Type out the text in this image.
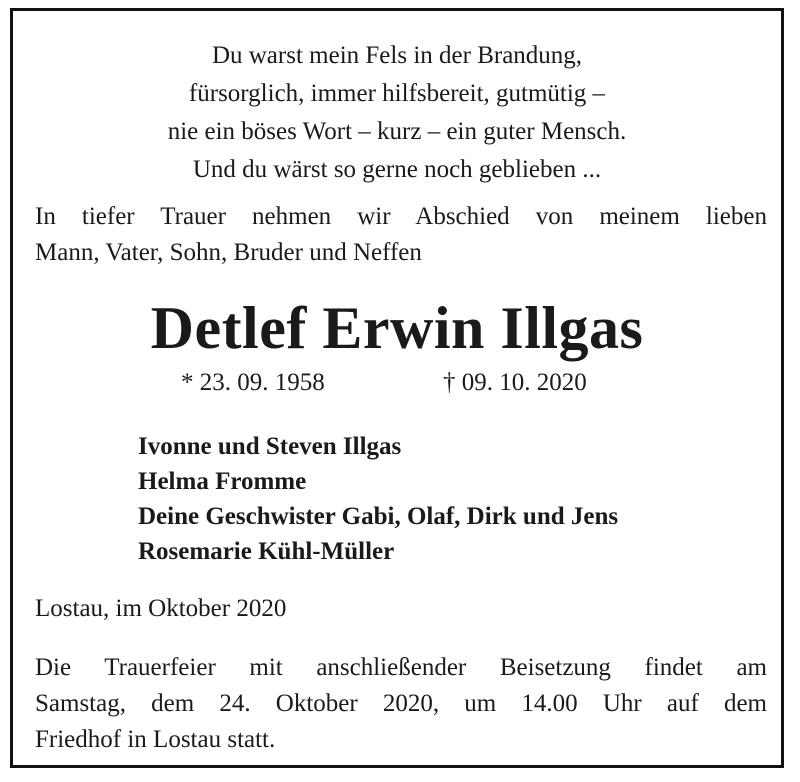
Du warst mein Fels in der Brandung,
fürsorglich, immer hilfsbereit, gutmütig –
nie ein böses Wort – kurz – ein guter Mensch.
Und du wärst so gerne noch geblieben ...
In tiefer Trauer nehmen wir Abschied von meinem lieben
Mann, Vater, Sohn, Bruder und Neffen
Detlef Erwin Illgas
* 23. 09. 1958	† 09. 10. 2020
Ivonne und Steven Illgas
Helma Fromme
Deine Geschwister Gabi, Olaf, Dirk und Jens
Rosemarie Kühl-Müller
Lostau, im Oktober 2020
Die Trauerfeier mit anschließender Beisetzung findet am
Samstag, dem 24. Oktober 2020, um 14.00 Uhr auf dem
Friedhof in Lostau statt.
